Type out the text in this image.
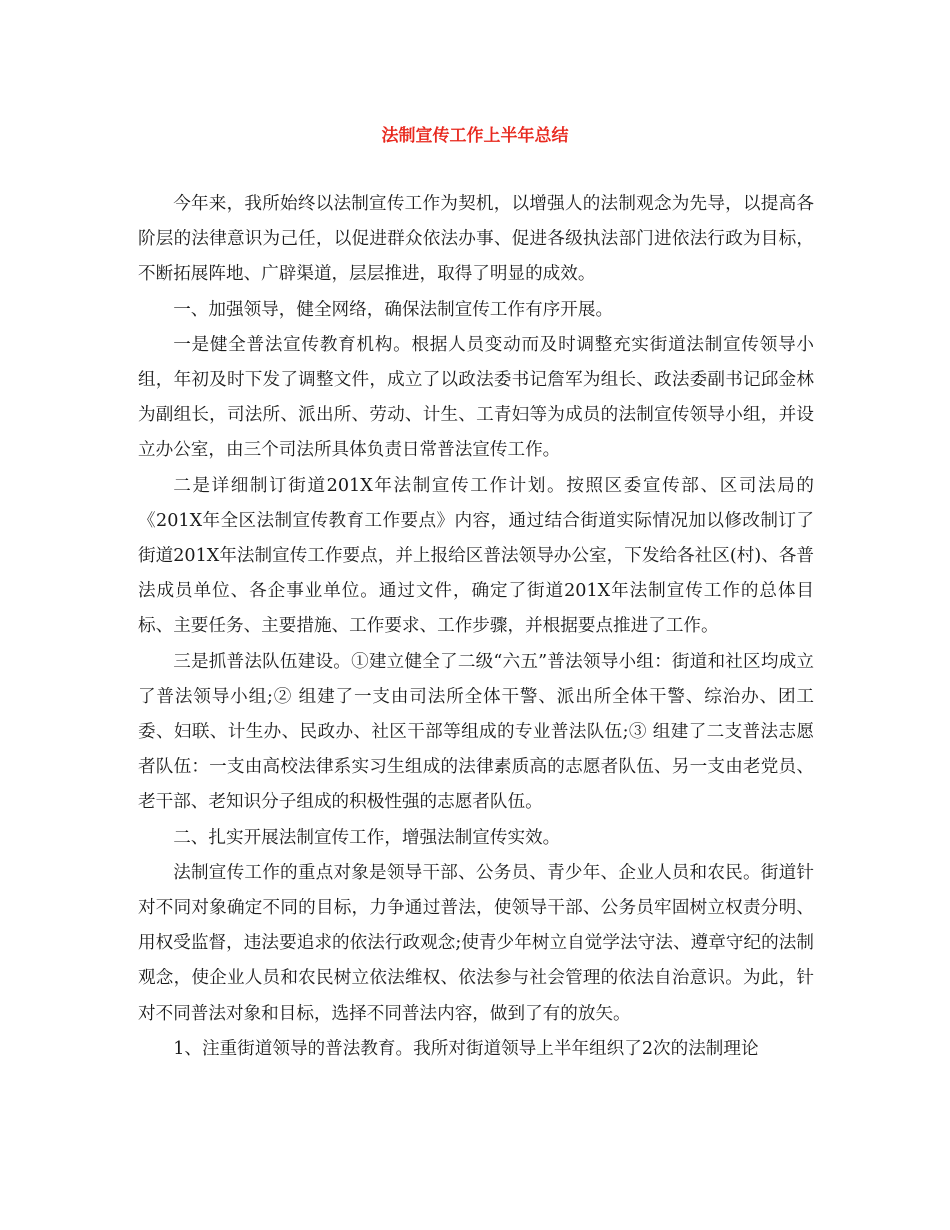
法制宣传工作上半年总结

今年来，我所始终以法制宣传工作为契机，以增强人的法制观念为先导，以提高各阶层的法律意识为己任，以促进群众依法办事、促进各级执法部门进依法行政为目标，不断拓展阵地、广辟渠道，层层推进，取得了明显的成效。

一、加强领导，健全网络，确保法制宣传工作有序开展。

一是健全普法宣传教育机构。根据人员变动而及时调整充实街道法制宣传领导小组，年初及时下发了调整文件，成立了以政法委书记詹军为组长、政法委副书记邱金林为副组长，司法所、派出所、劳动、计生、工青妇等为成员的法制宣传领导小组，并设立办公室，由三个司法所具体负责日常普法宣传工作。

二是详细制订街道201X年法制宣传工作计划。按照区委宣传部、区司法局的《201X年全区法制宣传教育工作要点》内容，通过结合街道实际情况加以修改制订了街道201X年法制宣传工作要点，并上报给区普法领导办公室，下发给各社区(村)、各普法成员单位、各企事业单位。通过文件，确定了街道201X年法制宣传工作的总体目标、主要任务、主要措施、工作要求、工作步骤，并根据要点推进了工作。

三是抓普法队伍建设。①建立健全了二级“六五”普法领导小组：街道和社区均成立了普法领导小组;② 组建了一支由司法所全体干警、派出所全体干警、综治办、团工委、妇联、计生办、民政办、社区干部等组成的专业普法队伍;③ 组建了二支普法志愿者队伍：一支由高校法律系实习生组成的法律素质高的志愿者队伍、另一支由老党员、老干部、老知识分子组成的积极性强的志愿者队伍。

二、扎实开展法制宣传工作，增强法制宣传实效。

法制宣传工作的重点对象是领导干部、公务员、青少年、企业人员和农民。街道针对不同对象确定不同的目标，力争通过普法，使领导干部、公务员牢固树立权责分明、用权受监督，违法要追求的依法行政观念;使青少年树立自觉学法守法、遵章守纪的法制观念，使企业人员和农民树立依法维权、依法参与社会管理的依法自治意识。为此，针对不同普法对象和目标，选择不同普法内容，做到了有的放矢。

1、注重街道领导的普法教育。我所对街道领导上半年组织了2次的法制理论
